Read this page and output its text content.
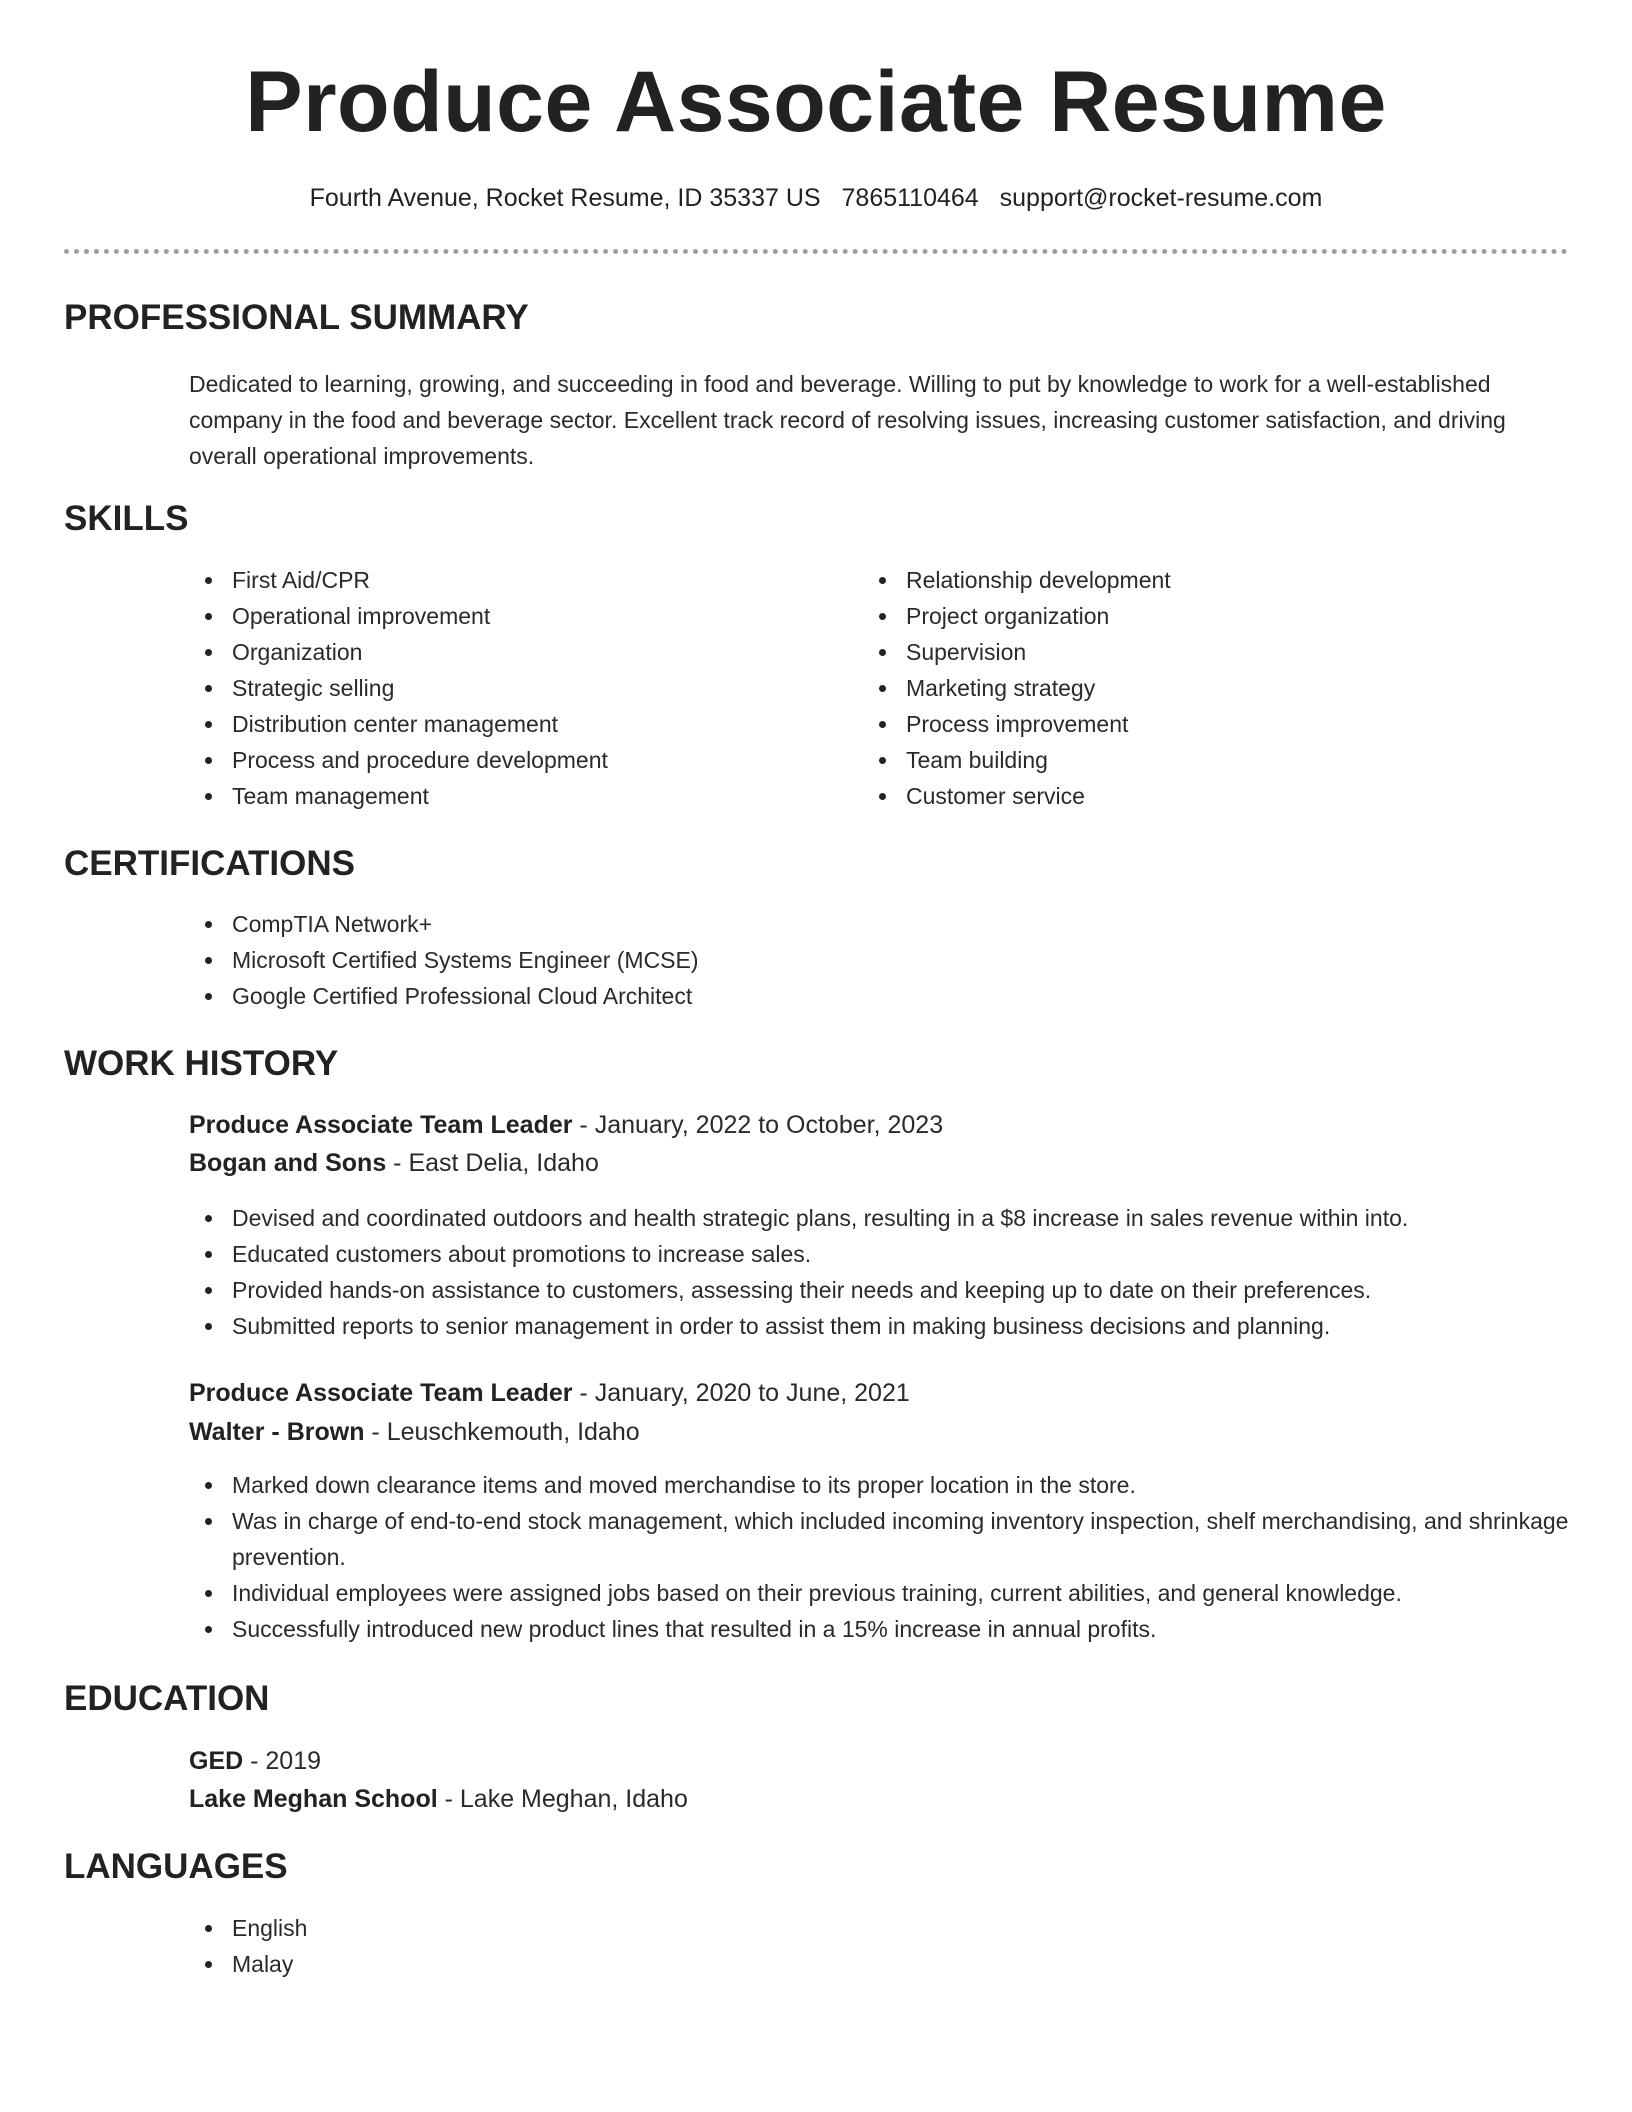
Produce Associate Resume
Fourth Avenue, Rocket Resume, ID 35337 US 7865110464 support@rocket-resume.com
PROFESSIONAL SUMMARY
Dedicated to learning, growing, and succeeding in food and beverage. Willing to put by knowledge to work for a well-established company in the food and beverage sector. Excellent track record of resolving issues, increasing customer satisfaction, and driving overall operational improvements.
SKILLS
First Aid/CPR
Operational improvement
Organization
Strategic selling
Distribution center management
Process and procedure development
Team management
Relationship development
Project organization
Supervision
Marketing strategy
Process improvement
Team building
Customer service
CERTIFICATIONS
CompTIA Network+
Microsoft Certified Systems Engineer (MCSE)
Google Certified Professional Cloud Architect
WORK HISTORY
Produce Associate Team Leader - January, 2022 to October, 2023
Bogan and Sons - East Delia, Idaho
Devised and coordinated outdoors and health strategic plans, resulting in a $8 increase in sales revenue within into.
Educated customers about promotions to increase sales.
Provided hands-on assistance to customers, assessing their needs and keeping up to date on their preferences.
Submitted reports to senior management in order to assist them in making business decisions and planning.
Produce Associate Team Leader - January, 2020 to June, 2021
Walter - Brown - Leuschkemouth, Idaho
Marked down clearance items and moved merchandise to its proper location in the store.
Was in charge of end-to-end stock management, which included incoming inventory inspection, shelf merchandising, and shrinkage prevention.
Individual employees were assigned jobs based on their previous training, current abilities, and general knowledge.
Successfully introduced new product lines that resulted in a 15% increase in annual profits.
EDUCATION
GED - 2019
Lake Meghan School - Lake Meghan, Idaho
LANGUAGES
English
Malay
